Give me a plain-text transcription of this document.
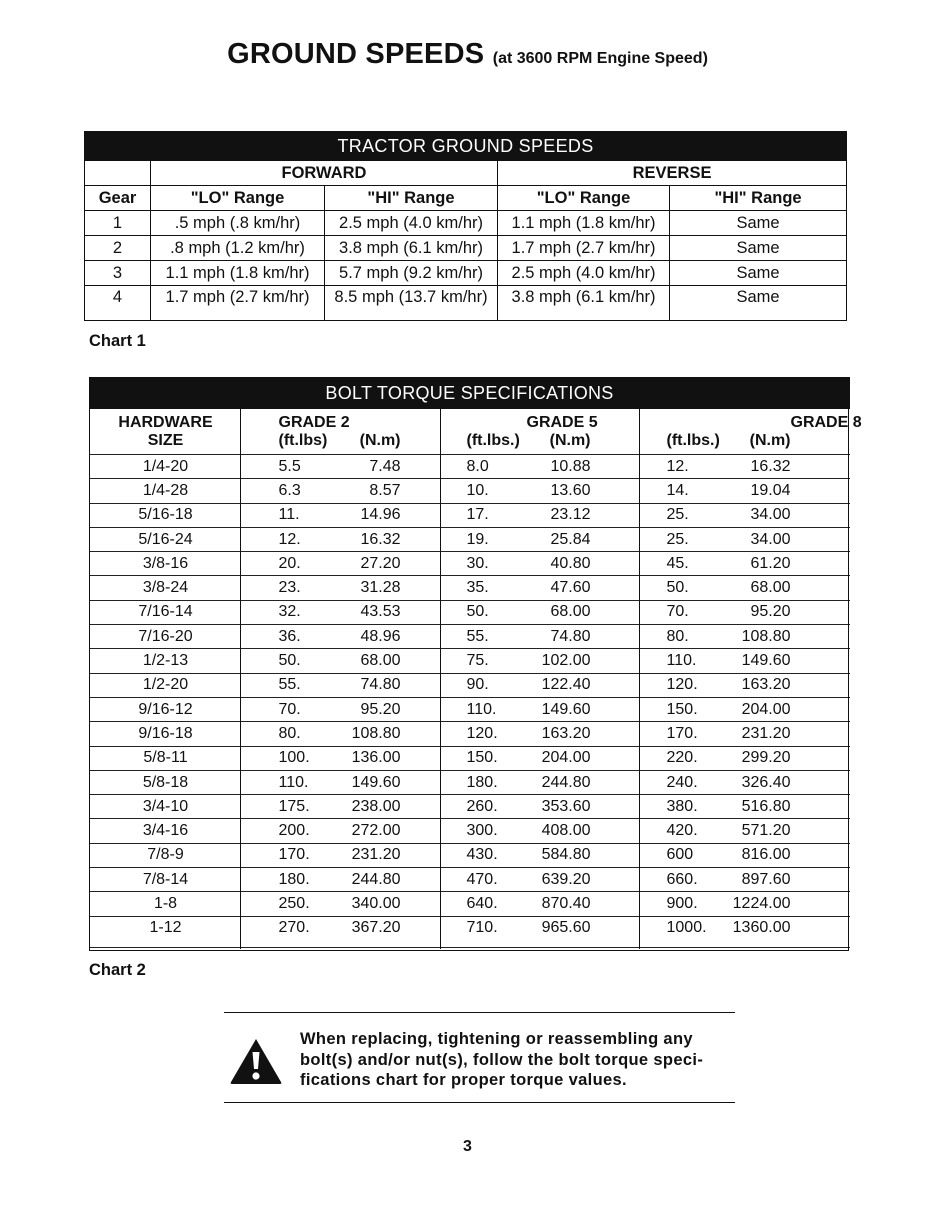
GROUND SPEEDS (at 3600 RPM Engine Speed)
TRACTOR GROUND SPEEDS				
	FORWARD		REVERSE	
Gear	"LO" Range	"HI" Range	"LO" Range	"HI" Range
1	.5 mph (.8 km/hr)	2.5 mph (4.0 km/hr)	1.1 mph (1.8 km/hr)	Same
2	.8 mph (1.2 km/hr)	3.8 mph (6.1 km/hr)	1.7 mph (2.7 km/hr)	Same
3	1.1 mph (1.8 km/hr)	5.7 mph (9.2 km/hr)	2.5 mph (4.0 km/hr)	Same
4	1.7 mph (2.7 km/hr)	8.5 mph (13.7 km/hr)	3.8 mph (6.1 km/hr)	Same
Chart 1
BOLT TORQUE SPECIFICATIONS													
HARDWARE		GRADE 2					GRADE 5					GRADE 8	
SIZE		(ft.lbs)	(N.m)			(ft.lbs.)	(N.m)			(ft.lbs.)	(N.m)		
1/4-20		5.5	7.48			8.0	10.88			12.	16.32		
1/4-28		6.3	8.57			10.	13.60			14.	19.04		
5/16-18		11.	14.96			17.	23.12			25.	34.00		
5/16-24		12.	16.32			19.	25.84			25.	34.00		
3/8-16		20.	27.20			30.	40.80			45.	61.20		
3/8-24		23.	31.28			35.	47.60			50.	68.00		
7/16-14		32.	43.53			50.	68.00			70.	95.20		
7/16-20		36.	48.96			55.	74.80			80.	108.80		
1/2-13		50.	68.00			75.	102.00			110.	149.60		
1/2-20		55.	74.80			90.	122.40			120.	163.20		
9/16-12		70.	95.20			110.	149.60			150.	204.00		
9/16-18		80.	108.80			120.	163.20			170.	231.20		
5/8-11		100.	136.00			150.	204.00			220.	299.20		
5/8-18		110.	149.60			180.	244.80			240.	326.40		
3/4-10		175.	238.00			260.	353.60			380.	516.80		
3/4-16		200.	272.00			300.	408.00			420.	571.20		
7/8-9		170.	231.20			430.	584.80			600	816.00		
7/8-14		180.	244.80			470.	639.20			660.	897.60		
1-8		250.	340.00			640.	870.40			900.	1224.00		
1-12		270.	367.20			710.	965.60			1000.	1360.00		
Chart 2
When replacing, tightening or reassembling any
bolt(s) and/or nut(s), follow the bolt torque speci-
fications chart for proper torque values.
3
